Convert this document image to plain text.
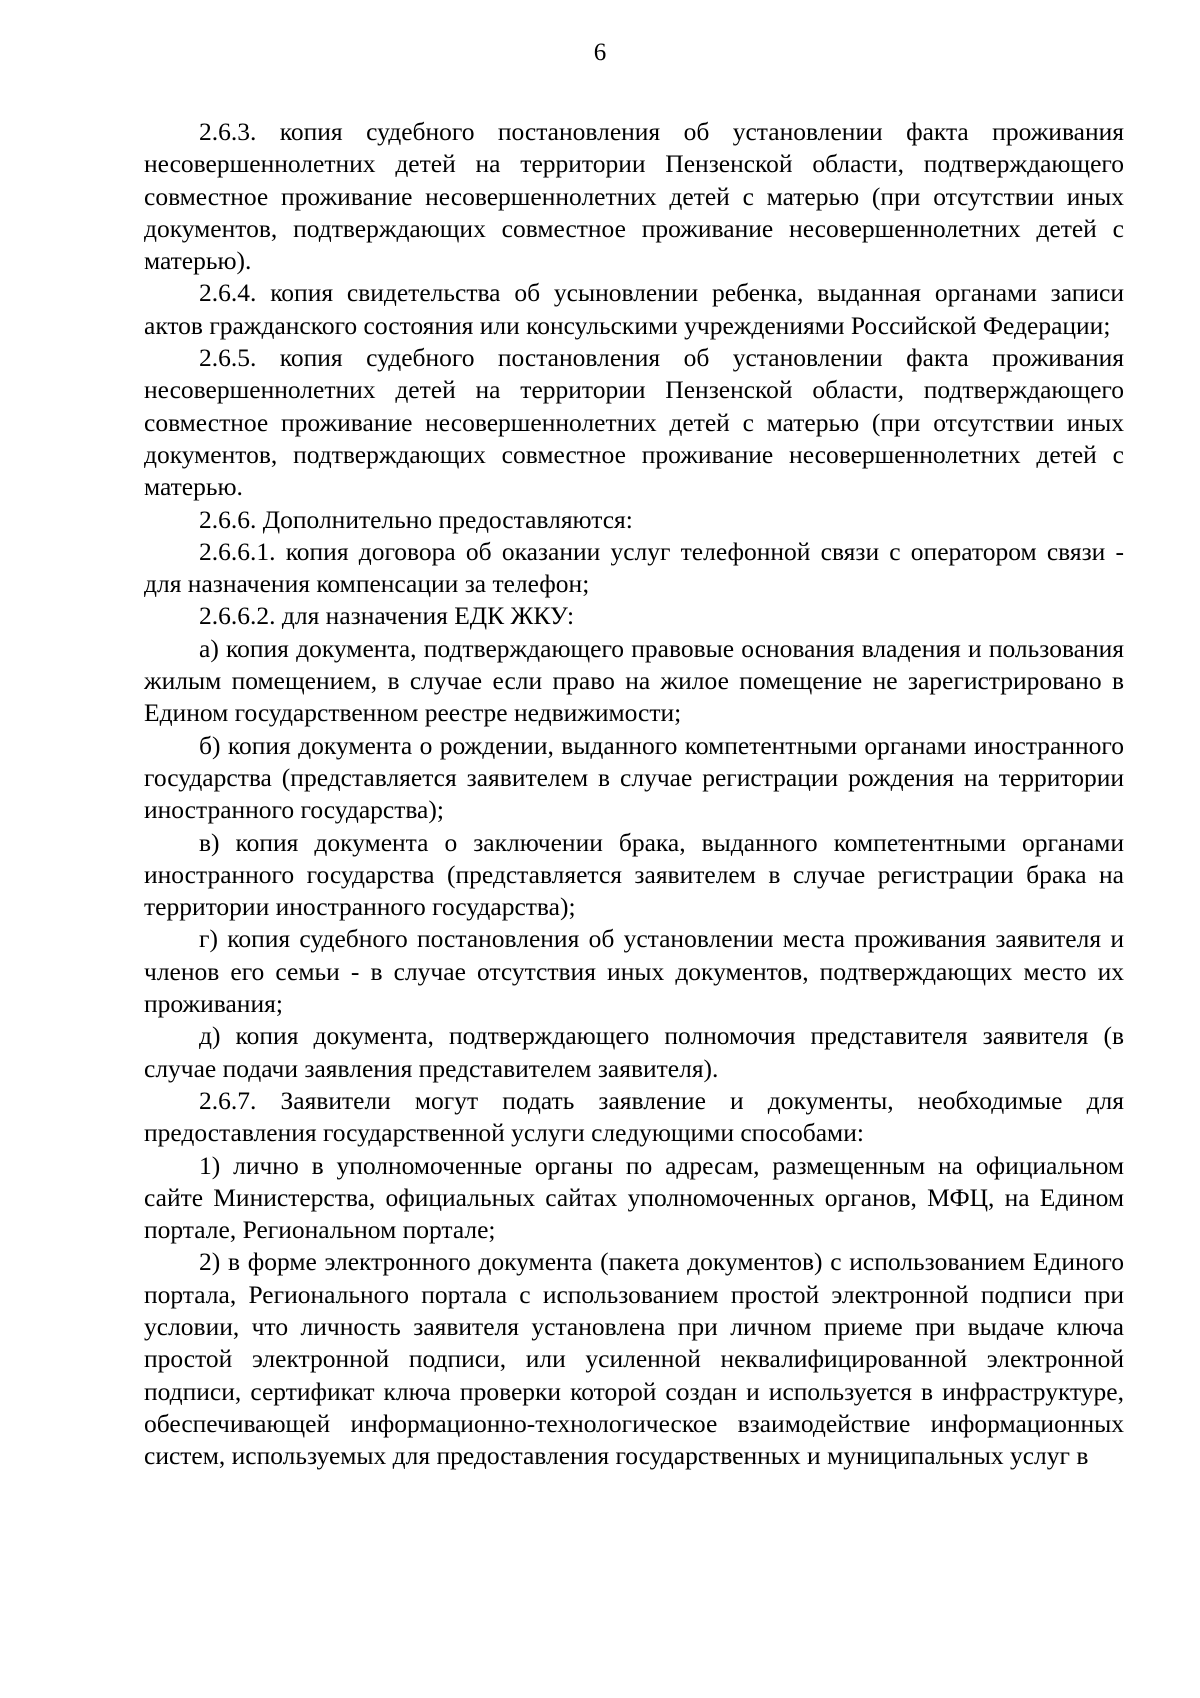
6

2.6.3. копия судебного постановления об установлении факта проживания несовершеннолетних детей на территории Пензенской области, подтверждающего совместное проживание несовершеннолетних детей с матерью (при отсутствии иных документов, подтверждающих совместное проживание несовершеннолетних детей с матерью).

2.6.4. копия свидетельства об усыновлении ребенка, выданная органами записи актов гражданского состояния или консульскими учреждениями Российской Федерации;

2.6.5. копия судебного постановления об установлении факта проживания несовершеннолетних детей на территории Пензенской области, подтверждающего совместное проживание несовершеннолетних детей с матерью (при отсутствии иных документов, подтверждающих совместное проживание несовершеннолетних детей с матерью.

2.6.6. Дополнительно предоставляются:

2.6.6.1. копия договора об оказании услуг телефонной связи с оператором связи - для назначения компенсации за телефон;

2.6.6.2. для назначения ЕДК ЖКУ:

а) копия документа, подтверждающего правовые основания владения и пользования жилым помещением, в случае если право на жилое помещение не зарегистрировано в Едином государственном реестре недвижимости;

б) копия документа о рождении, выданного компетентными органами иностранного государства (представляется заявителем в случае регистрации рождения на территории иностранного государства);

в) копия документа о заключении брака, выданного компетентными органами иностранного государства (представляется заявителем в случае регистрации брака на территории иностранного государства);

г) копия судебного постановления об установлении места проживания заявителя и членов его семьи - в случае отсутствия иных документов, подтверждающих место их проживания;

д) копия документа, подтверждающего полномочия представителя заявителя (в случае подачи заявления представителем заявителя).

2.6.7. Заявители могут подать заявление и документы, необходимые для предоставления государственной услуги следующими способами:

1) лично в уполномоченные органы по адресам, размещенным на официальном сайте Министерства, официальных сайтах уполномоченных органов, МФЦ, на Едином портале, Региональном портале;

2) в форме электронного документа (пакета документов) с использованием Единого портала, Регионального портала с использованием простой электронной подписи при условии, что личность заявителя установлена при личном приеме при выдаче ключа простой электронной подписи, или усиленной неквалифицированной электронной подписи, сертификат ключа проверки которой создан и используется в инфраструктуре, обеспечивающей информационно-технологическое взаимодействие информационных систем, используемых для предоставления государственных и муниципальных услуг в
